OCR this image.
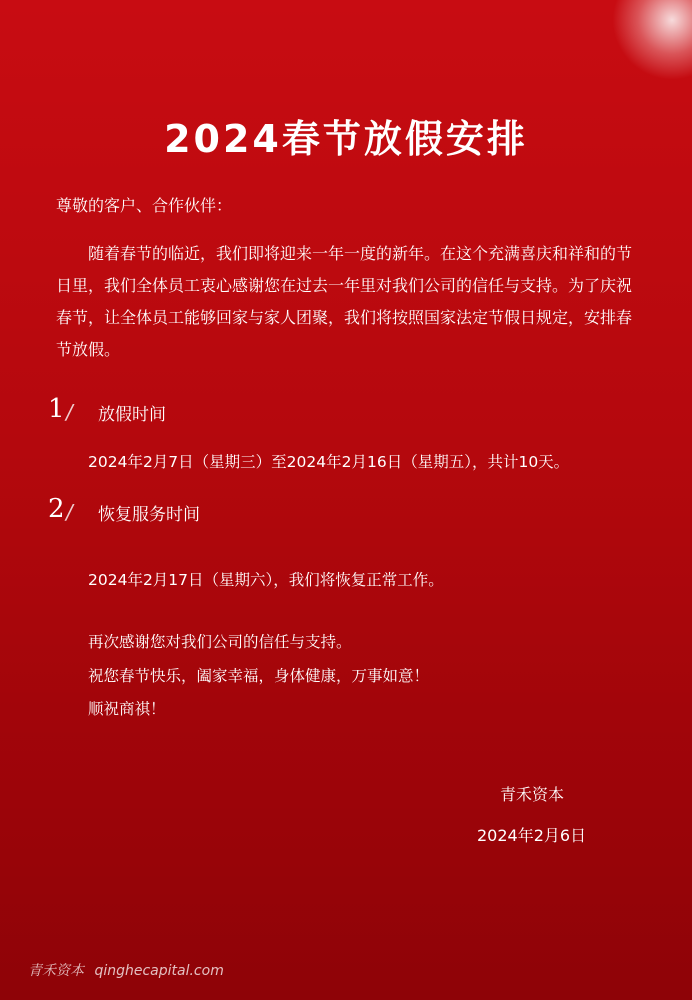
2024春节放假安排
尊敬的客户、合作伙伴：

随着春节的临近，我们即将迎来一年一度的新年。在这个充满喜庆和祥和的节日里，我们全体员工衷心感谢您在过去一年里对我们公司的信任与支持。为了庆祝春节，让全体员工能够回家与家人团聚，我们将按照国家法定节假日规定，安排春节放假。

1 / 放假时间
2024年2月7日（星期三）至2024年2月16日（星期五），共计10天。
2 / 恢复服务时间
2024年2月17日（星期六），我们将恢复正常工作。
再次感谢您对我们公司的信任与支持。
祝您春节快乐，阖家幸福，身体健康，万事如意！
顺祝商祺！
青禾资本
2024年2月6日
青禾资本 qinghecapital.com
